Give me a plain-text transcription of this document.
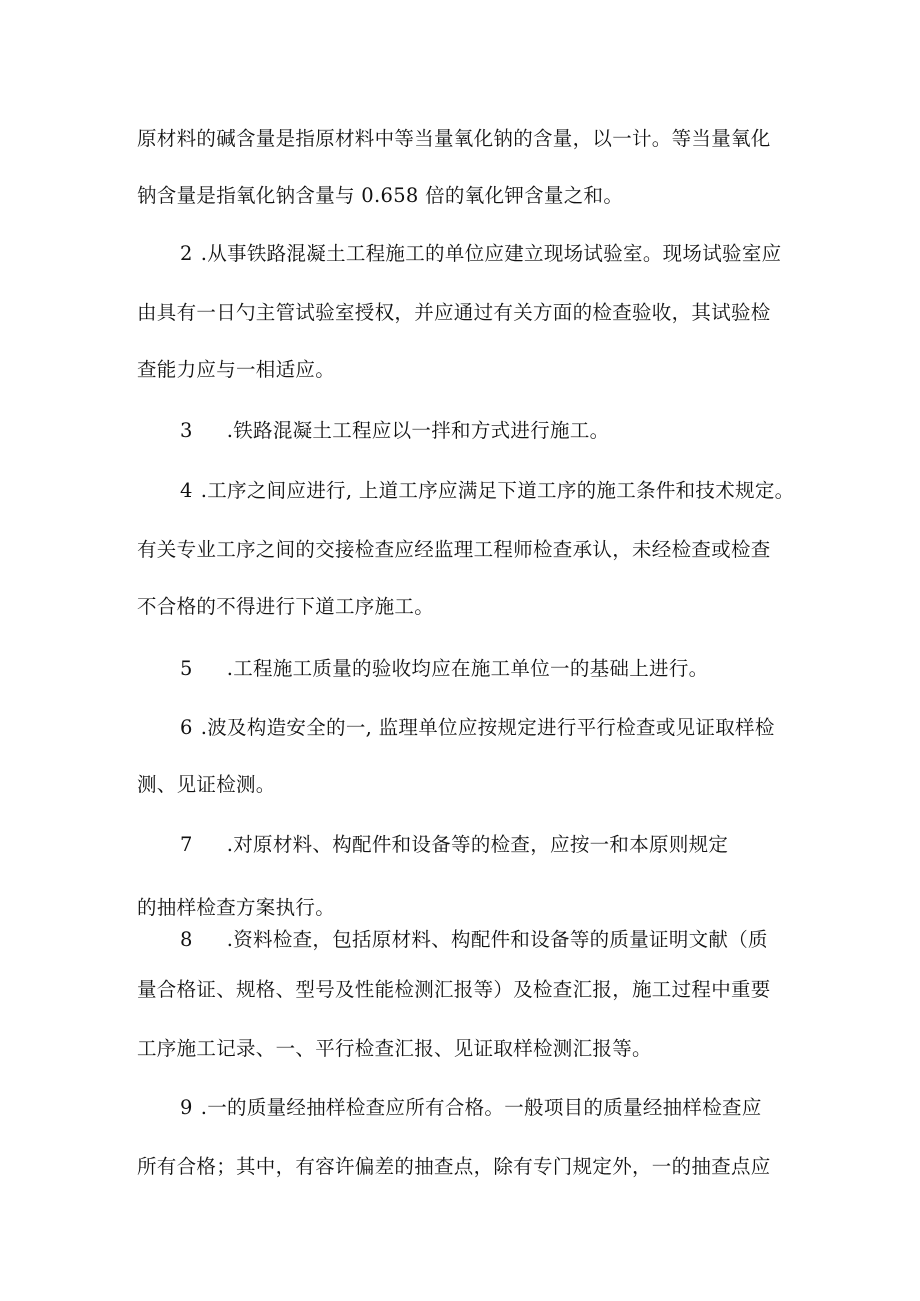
原材料的碱含量是指原材料中等当量氧化钠的含量，以一计。等当量氧化
钠含量是指氧化钠含量与 0.658 倍的氧化钾含量之和。
2 .从事铁路混凝土工程施工的单位应建立现场试验室。现场试验室应
由具有一日勺主管试验室授权，并应通过有关方面的检查验收，其试验检
查能力应与一相适应。
3 .铁路混凝土工程应以一拌和方式进行施工。
4 .工序之间应进行, 上道工序应满足下道工序的施工条件和技术规定。
有关专业工序之间的交接检查应经监理工程师检查承认，未经检查或检查
不合格的不得进行下道工序施工。
5 .工程施工质量的验收均应在施工单位一的基础上进行。
6 .波及构造安全的一, 监理单位应按规定进行平行检查或见证取样检
测、见证检测。
7 .对原材料、构配件和设备等的检查，应按一和本原则规定
的抽样检查方案执行。
8 .资料检查，包括原材料、构配件和设备等的质量证明文献（质
量合格证、规格、型号及性能检测汇报等）及检查汇报，施工过程中重要
工序施工记录、一、平行检查汇报、见证取样检测汇报等。
9 .一的质量经抽样检查应所有合格。一般项目的质量经抽样检查应
所有合格；其中，有容许偏差的抽查点，除有专门规定外，一的抽查点应
